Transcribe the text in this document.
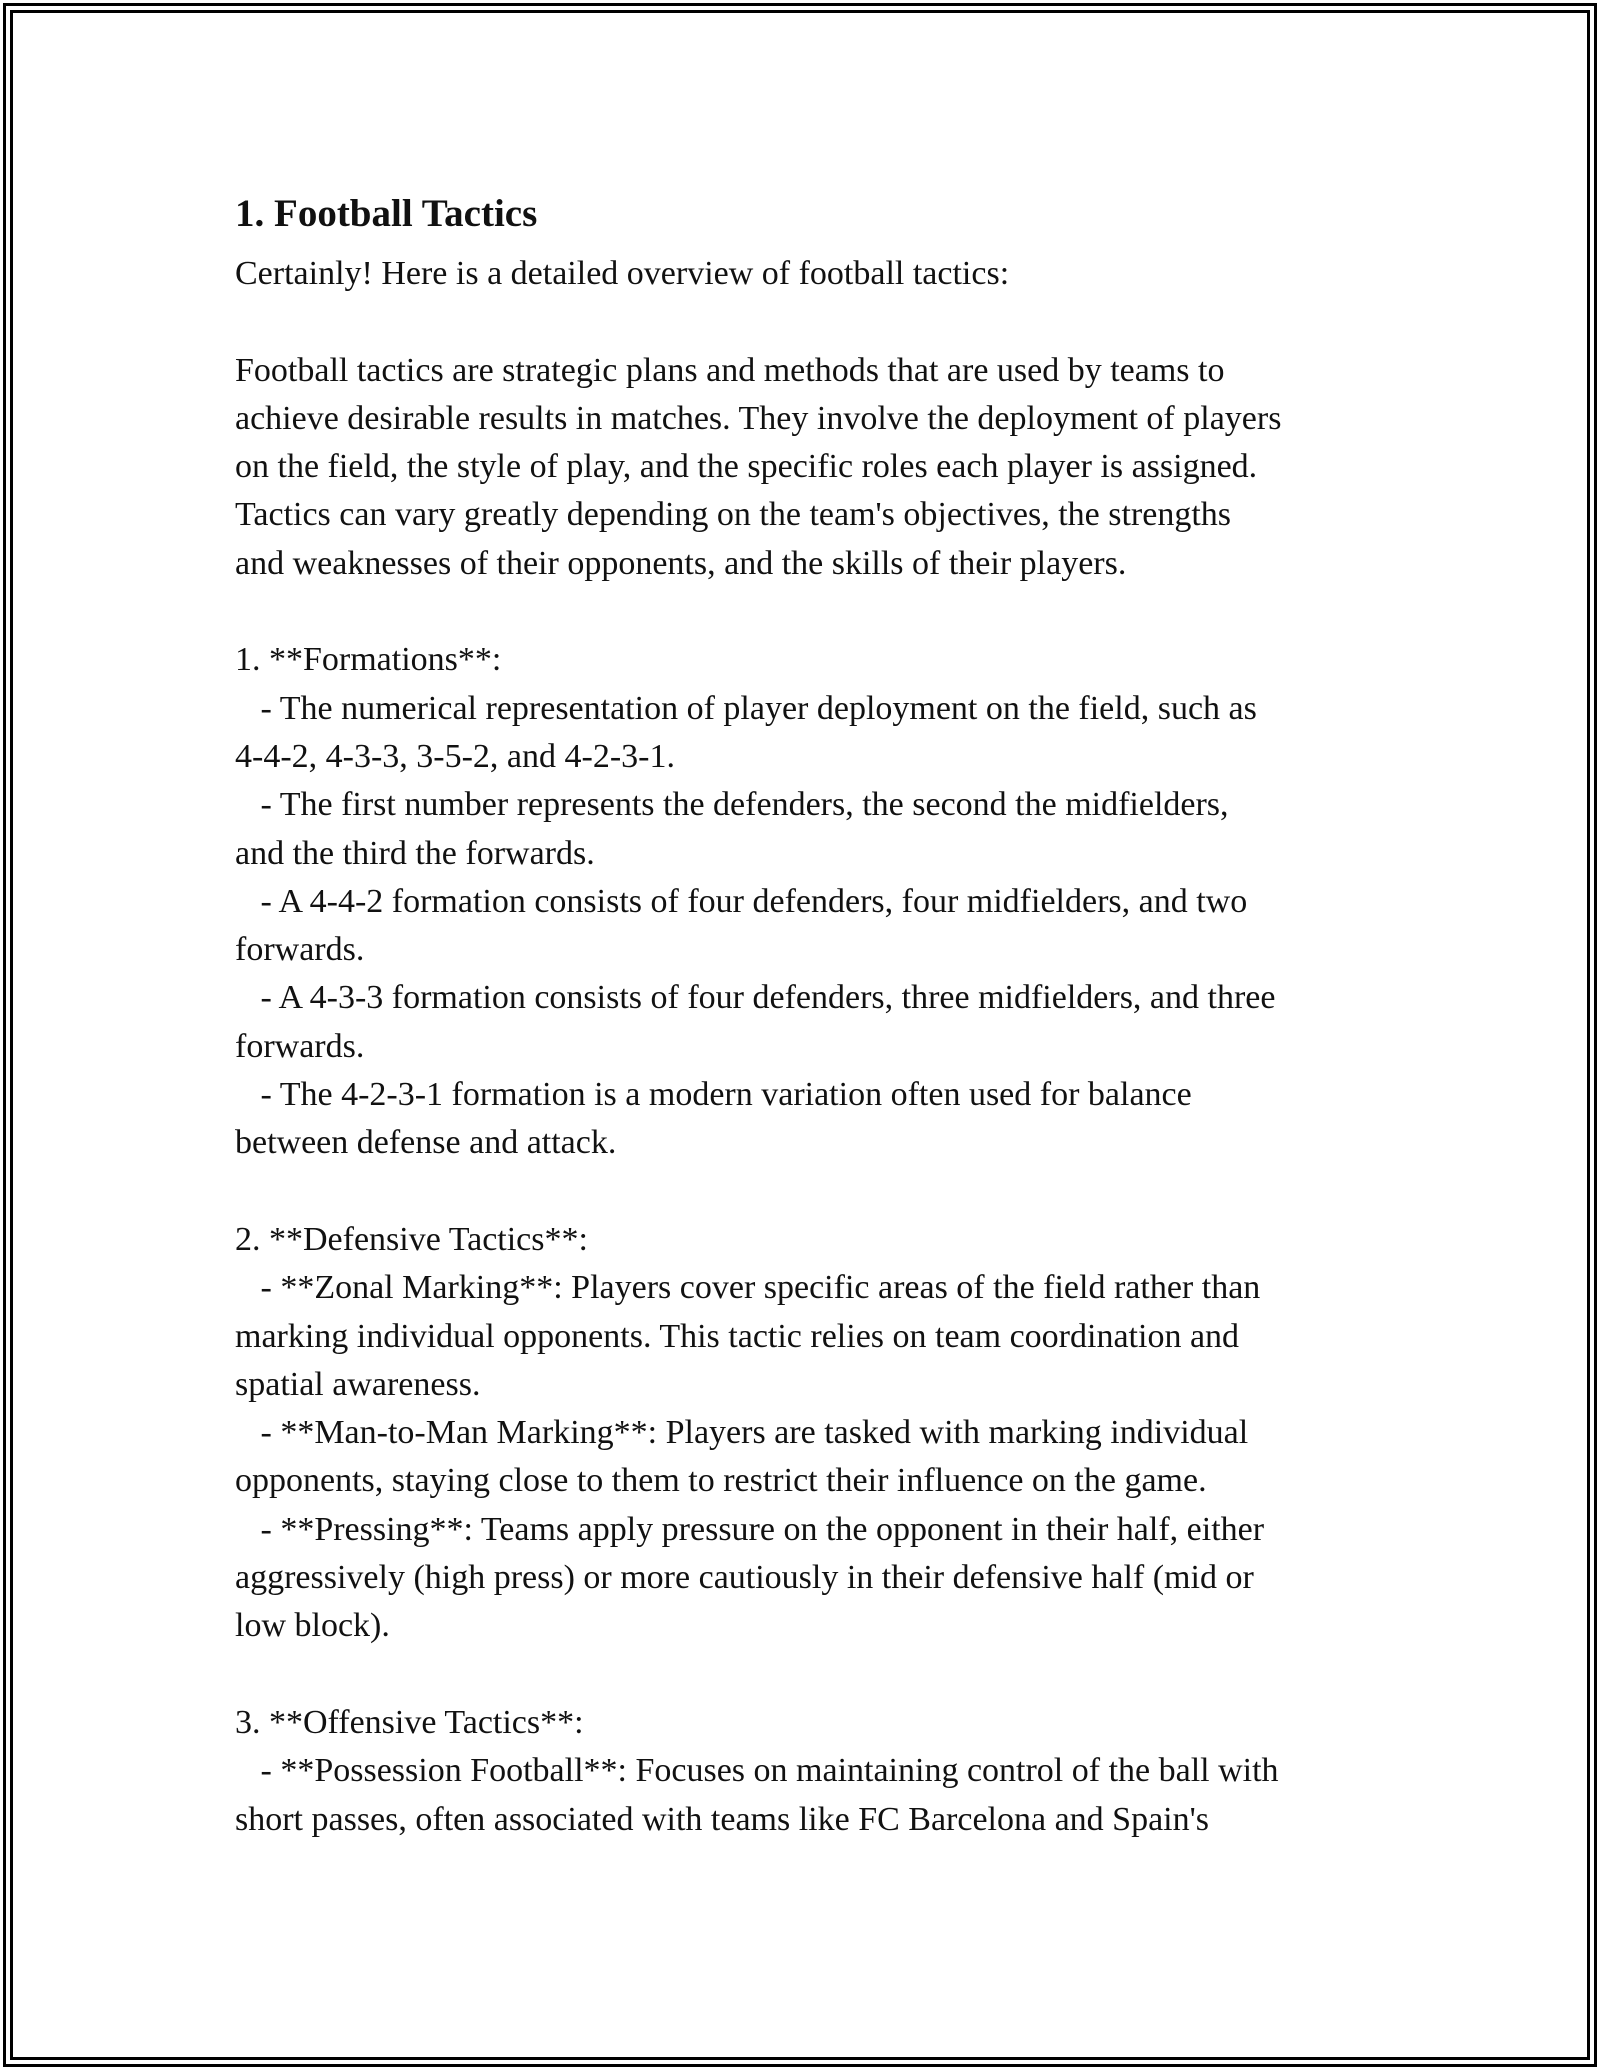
1. Football Tactics
Certainly! Here is a detailed overview of football tactics:
Football tactics are strategic plans and methods that are used by teams to
achieve desirable results in matches. They involve the deployment of players
on the field, the style of play, and the specific roles each player is assigned.
Tactics can vary greatly depending on the team's objectives, the strengths
and weaknesses of their opponents, and the skills of their players.
1. **Formations**:
- The numerical representation of player deployment on the field, such as
4-4-2, 4-3-3, 3-5-2, and 4-2-3-1.
- The first number represents the defenders, the second the midfielders,
and the third the forwards.
- A 4-4-2 formation consists of four defenders, four midfielders, and two
forwards.
- A 4-3-3 formation consists of four defenders, three midfielders, and three
forwards.
- The 4-2-3-1 formation is a modern variation often used for balance
between defense and attack.
2. **Defensive Tactics**:
- **Zonal Marking**: Players cover specific areas of the field rather than
marking individual opponents. This tactic relies on team coordination and
spatial awareness.
- **Man-to-Man Marking**: Players are tasked with marking individual
opponents, staying close to them to restrict their influence on the game.
- **Pressing**: Teams apply pressure on the opponent in their half, either
aggressively (high press) or more cautiously in their defensive half (mid or
low block).
3. **Offensive Tactics**:
- **Possession Football**: Focuses on maintaining control of the ball with
short passes, often associated with teams like FC Barcelona and Spain's
